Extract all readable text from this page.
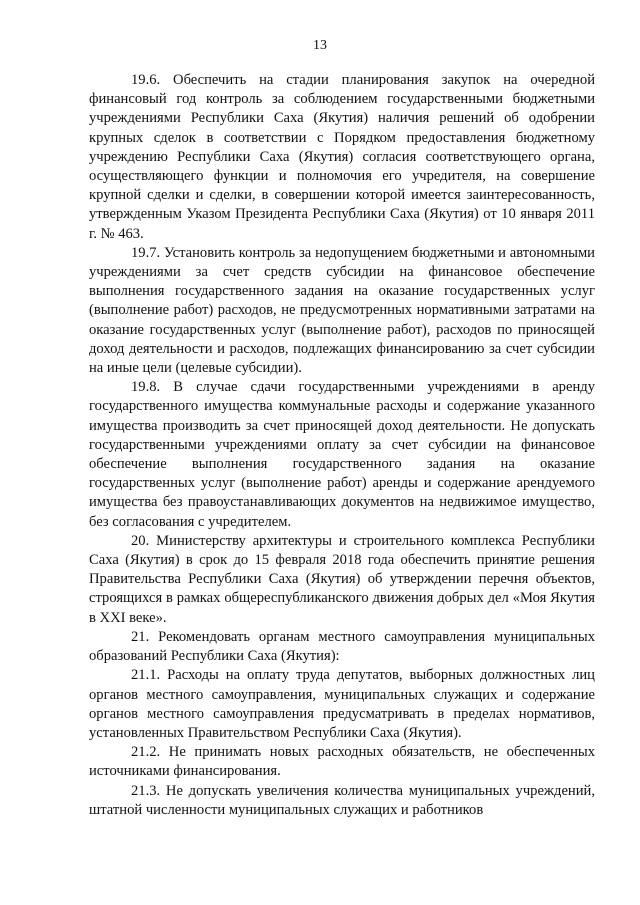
13

19.6. Обеспечить на стадии планирования закупок на очередной финансовый год контроль за соблюдением государственными бюджетными учреждениями Республики Саха (Якутия) наличия решений об одобрении крупных сделок в соответствии с Порядком предоставления бюджетному учреждению Республики Саха (Якутия) согласия соответствующего органа, осуществляющего функции и полномочия его учредителя, на совершение крупной сделки и сделки, в совершении которой имеется заинтересованность, утвержденным Указом Президента Республики Саха (Якутия) от 10 января 2011 г. № 463.

19.7. Установить контроль за недопущением бюджетными и автономными учреждениями за счет средств субсидии на финансовое обеспечение выполнения государственного задания на оказание государственных услуг (выполнение работ) расходов, не предусмотренных нормативными затратами на оказание государственных услуг (выполнение работ), расходов по приносящей доход деятельности и расходов, подлежащих финансированию за счет субсидии на иные цели (целевые субсидии).

19.8. В случае сдачи государственными учреждениями в аренду государственного имущества коммунальные расходы и содержание указанного имущества производить за счет приносящей доход деятельности. Не допускать государственными учреждениями оплату за счет субсидии на финансовое обеспечение выполнения государственного задания на оказание государственных услуг (выполнение работ) аренды и содержание арендуемого имущества без правоустанавливающих документов на недвижимое имущество, без согласования с учредителем.

20. Министерству архитектуры и строительного комплекса Республики Саха (Якутия) в срок до 15 февраля 2018 года обеспечить принятие решения Правительства Республики Саха (Якутия) об утверждении перечня объектов, строящихся в рамках общереспубликанского движения добрых дел «Моя Якутия в XXI веке».

21. Рекомендовать органам местного самоуправления муниципальных образований Республики Саха (Якутия):

21.1. Расходы на оплату труда депутатов, выборных должностных лиц органов местного самоуправления, муниципальных служащих и содержание органов местного самоуправления предусматривать в пределах нормативов, установленных Правительством Республики Саха (Якутия).

21.2. Не принимать новых расходных обязательств, не обеспеченных источниками финансирования.

21.3. Не допускать увеличения количества муниципальных учреждений, штатной численности муниципальных служащих и работников
